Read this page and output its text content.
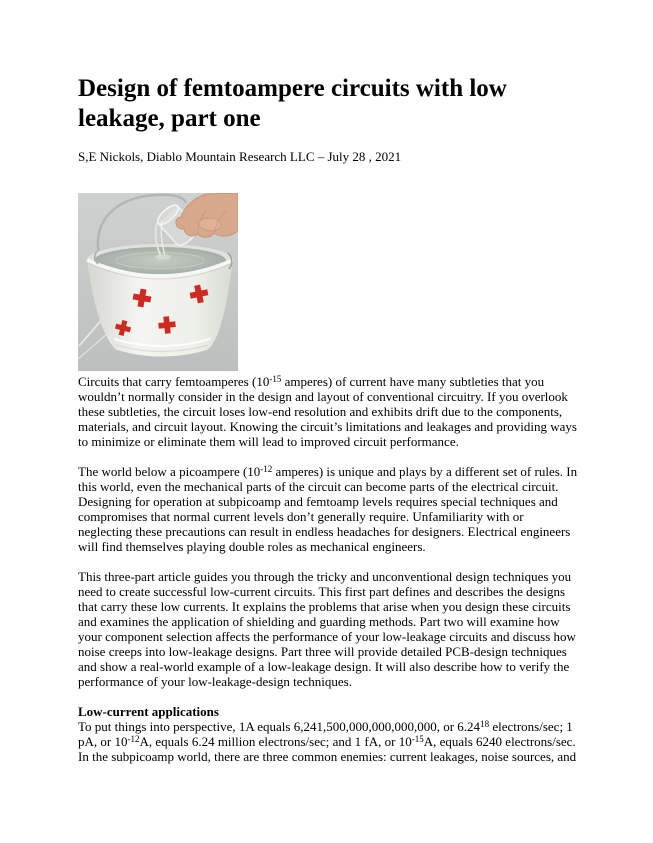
Design of femtoampere circuits with low leakage, part one
S,E Nickols, Diablo Mountain Research LLC – July 28 , 2021

Circuits that carry femtoamperes ($10^{-15}$ amperes) of current have many subtleties that you wouldn’t normally consider in the design and layout of conventional circuitry. If you overlook these subtleties, the circuit loses low-end resolution and exhibits drift due to the components, materials, and circuit layout. Knowing the circuit’s limitations and leakages and providing ways to minimize or eliminate them will lead to improved circuit performance.

The world below a picoampere ($10^{-12}$ amperes) is unique and plays by a different set of rules. In this world, even the mechanical parts of the circuit can become parts of the electrical circuit. Designing for operation at subpicoamp and femtoamp levels requires special techniques and compromises that normal current levels don’t generally require. Unfamiliarity with or neglecting these precautions can result in endless headaches for designers. Electrical engineers will find themselves playing double roles as mechanical engineers.

This three-part article guides you through the tricky and unconventional design techniques you need to create successful low-current circuits. This first part defines and describes the designs that carry these low currents. It explains the problems that arise when you design these circuits and examines the application of shielding and guarding methods. Part two will examine how your component selection affects the performance of your low-leakage circuits and discuss how noise creeps into low-leakage designs. Part three will provide detailed PCB-design techniques and show a real-world example of a low-leakage design. It will also describe how to verify the performance of your low-leakage-design techniques.

Low-current applications

To put things into perspective, 1A equals 6,241,500,000,000,000,000, or 6.24$^{18}$ electrons/sec; 1 pA, or $10^{-12}A$, equals 6.24 million electrons/sec; and 1 fA, or $10^{-15}A$, equals 6240 electrons/sec. In the subpicoamp world, there are three common enemies: current leakages, noise sources, and
